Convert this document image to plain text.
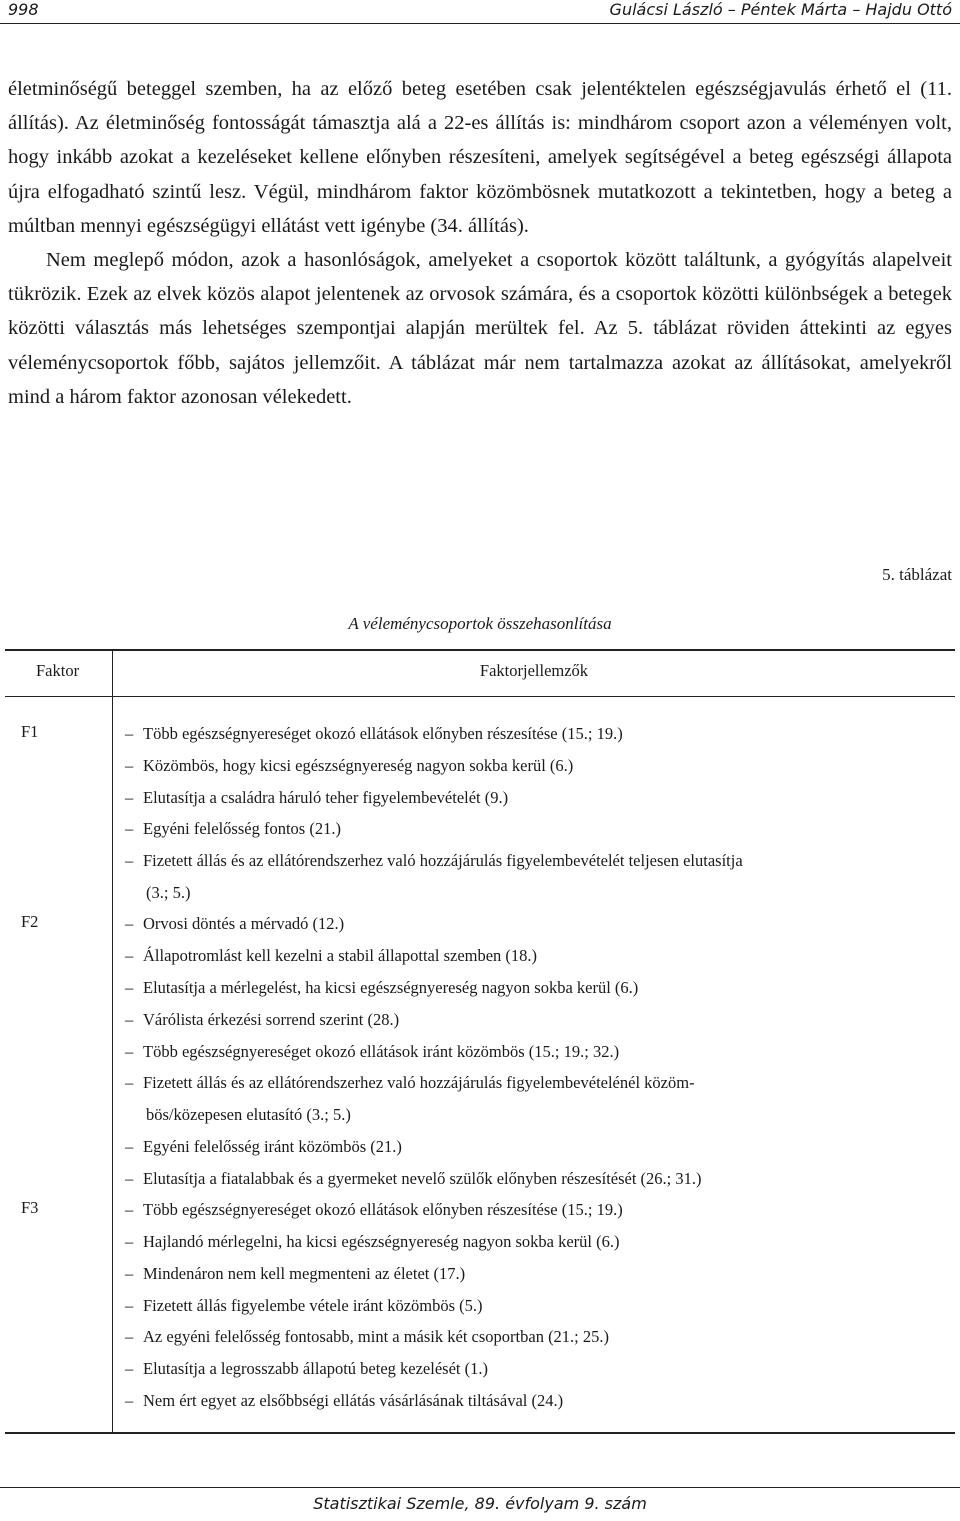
998	Gulácsi László – Péntek Márta – Hajdu Ottó

életminőségű beteggel szemben, ha az előző beteg esetében csak jelentéktelen egészségjavulás érhető el (11. állítás). Az életminőség fontosságát támasztja alá a 22-es állítás is: mindhárom csoport azon a véleményen volt, hogy inkább azokat a kezeléseket kellene előnyben részesíteni, amelyek segítségével a beteg egészségi állapota újra elfogadható szintű lesz. Végül, mindhárom faktor közömbösnek mutatkozott a tekintetben, hogy a beteg a múltban mennyi egészségügyi ellátást vett igénybe (34. állítás).

Nem meglepő módon, azok a hasonlóságok, amelyeket a csoportok között találtunk, a gyógyítás alapelveit tükrözik. Ezek az elvek közös alapot jelentenek az orvosok számára, és a csoportok közötti különbségek a betegek közötti választás más lehetséges szempontjai alapján merültek fel. Az 5. táblázat röviden áttekinti az egyes véleménycsoportok főbb, sajátos jellemzőit. A táblázat már nem tartalmazza azokat az állításokat, amelyekről mind a három faktor azonosan vélekedett.

5. táblázat
A véleménycsoportok összehasonlítása
Faktor	Faktorjellemzők
F1	– Több egészségnyereséget okozó ellátások előnyben részesítése (15.; 19.)
– Közömbös, hogy kicsi egészségnyereség nagyon sokba kerül (6.)
– Elutasítja a családra háruló teher figyelembevételét (9.)
– Egyéni felelősség fontos (21.)
– Fizetett állás és az ellátórendszerhez való hozzájárulás figyelembevételét teljesen elutasítja
(3.; 5.)
F2	– Orvosi döntés a mérvadó (12.)
– Állapotromlást kell kezelni a stabil állapottal szemben (18.)
– Elutasítja a mérlegelést, ha kicsi egészségnyereség nagyon sokba kerül (6.)
– Várólista érkezési sorrend szerint (28.)
– Több egészségnyereséget okozó ellátások iránt közömbös (15.; 19.; 32.)
– Fizetett állás és az ellátórendszerhez való hozzájárulás figyelembevételénél közöm-
bös/közepesen elutasító (3.; 5.)
– Egyéni felelősség iránt közömbös (21.)
– Elutasítja a fiatalabbak és a gyermeket nevelő szülők előnyben részesítését (26.; 31.)
F3	– Több egészségnyereséget okozó ellátások előnyben részesítése (15.; 19.)
– Hajlandó mérlegelni, ha kicsi egészségnyereség nagyon sokba kerül (6.)
– Mindenáron nem kell megmenteni az életet (17.)
– Fizetett állás figyelembe vétele iránt közömbös (5.)
– Az egyéni felelősség fontosabb, mint a másik két csoportban (21.; 25.)
– Elutasítja a legrosszabb állapotú beteg kezelését (1.)
– Nem ért egyet az elsőbbségi ellátás vásárlásának tiltásával (24.)
Statisztikai Szemle, 89. évfolyam 9. szám
